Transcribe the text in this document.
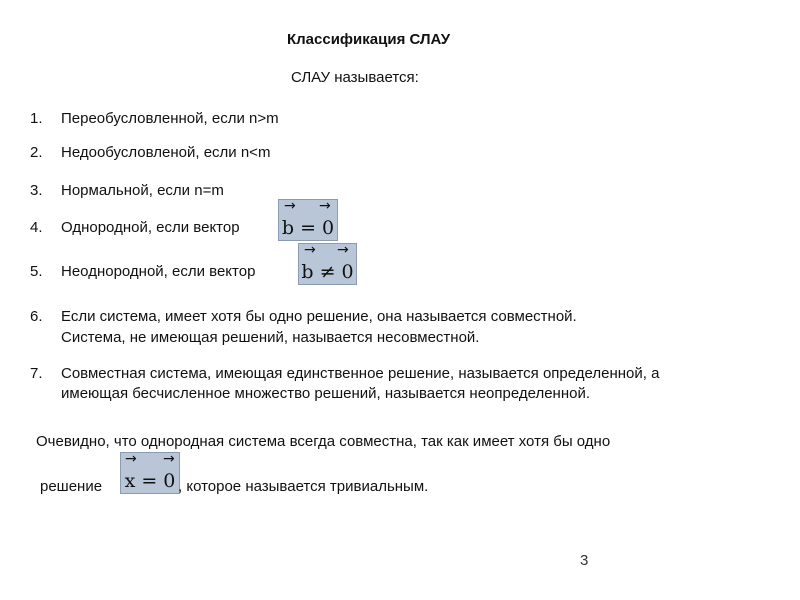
Классификация СЛАУ
СЛАУ называется:
1. Переобусловленной, если n>m
2. Недообусловленой, если n<m
3. Нормальной, если n=m
4. Однородной, если вектор
→ →
b = 0
5. Неоднородной, если вектор
→ →
b ≠ 0
6. Если система, имеет хотя бы одно решение, она называется совместной.
Система, не имеющая решений, называется несовместной.
7. Совместная система, имеющая единственное решение, называется определенной, а
имеющая бесчисленное множество решений, называется неопределенной.
Очевидно, что однородная система всегда совместна, так как имеет хотя бы одно
решение
→ →
x = 0 , которое называется тривиальным.
3
